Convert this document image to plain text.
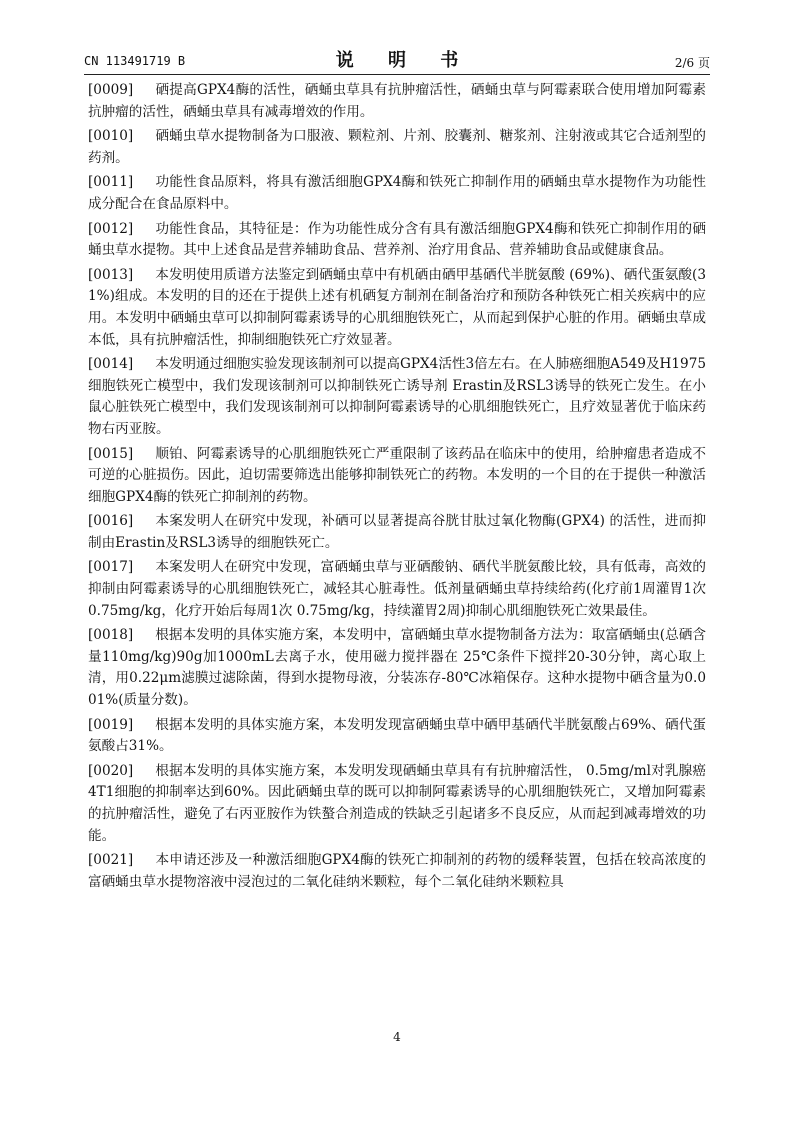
CN 113491719 B	说 明 书	2/6 页

[0009] 硒提高GPX4酶的活性，硒蛹虫草具有抗肿瘤活性，硒蛹虫草与阿霉素联合使用增加阿霉素抗肿瘤的活性，硒蛹虫草具有减毒增效的作用。

[0010] 硒蛹虫草水提物制备为口服液、颗粒剂、片剂、胶囊剂、糖浆剂、注射液或其它合适剂型的药剂。

[0011] 功能性食品原料，将具有激活细胞GPX4酶和铁死亡抑制作用的硒蛹虫草水提物作为功能性成分配合在食品原料中。

[0012] 功能性食品，其特征是：作为功能性成分含有具有激活细胞GPX4酶和铁死亡抑制作用的硒蛹虫草水提物。其中上述食品是营养辅助食品、营养剂、治疗用食品、营养辅助食品或健康食品。

[0013] 本发明使用质谱方法鉴定到硒蛹虫草中有机硒由硒甲基硒代半胱氨酸 (69%)、硒代蛋氨酸(31%)组成。本发明的目的还在于提供上述有机硒复方制剂在制备治疗和预防各种铁死亡相关疾病中的应用。本发明中硒蛹虫草可以抑制阿霉素诱导的心肌细胞铁死亡，从而起到保护心脏的作用。硒蛹虫草成本低，具有抗肿瘤活性，抑制细胞铁死亡疗效显著。

[0014] 本发明通过细胞实验发现该制剂可以提高GPX4活性3倍左右。在人肺癌细胞A549及H1975细胞铁死亡模型中，我们发现该制剂可以抑制铁死亡诱导剂 Erastin及RSL3诱导的铁死亡发生。在小鼠心脏铁死亡模型中，我们发现该制剂可以抑制阿霉素诱导的心肌细胞铁死亡，且疗效显著优于临床药物右丙亚胺。

[0015] 顺铂、阿霉素诱导的心肌细胞铁死亡严重限制了该药品在临床中的使用，给肿瘤患者造成不可逆的心脏损伤。因此，迫切需要筛选出能够抑制铁死亡的药物。本发明的一个目的在于提供一种激活细胞GPX4酶的铁死亡抑制剂的药物。

[0016] 本案发明人在研究中发现，补硒可以显著提高谷胱甘肽过氧化物酶(GPX4) 的活性，进而抑制由Erastin及RSL3诱导的细胞铁死亡。

[0017] 本案发明人在研究中发现，富硒蛹虫草与亚硒酸钠、硒代半胱氨酸比较，具有低毒，高效的抑制由阿霉素诱导的心肌细胞铁死亡，减轻其心脏毒性。低剂量硒蛹虫草持续给药(化疗前1周灌胃1次0.75mg/kg，化疗开始后每周1次 0.75mg/kg，持续灌胃2周)抑制心肌细胞铁死亡效果最佳。

[0018] 根据本发明的具体实施方案，本发明中，富硒蛹虫草水提物制备方法为：取富硒蛹虫(总硒含量110mg/kg)90g加1000mL去离子水，使用磁力搅拌器在 25℃条件下搅拌20-30分钟，离心取上清，用0.22μm滤膜过滤除菌，得到水提物母液，分装冻存-80℃冰箱保存。这种水提物中硒含量为0.001%(质量分数)。

[0019] 根据本发明的具体实施方案，本发明发现富硒蛹虫草中硒甲基硒代半胱氨酸占69%、硒代蛋氨酸占31%。

[0020] 根据本发明的具体实施方案，本发明发现硒蛹虫草具有有抗肿瘤活性， 0.5mg/ml对乳腺癌4T1细胞的抑制率达到60%。因此硒蛹虫草的既可以抑制阿霉素诱导的心肌细胞铁死亡，又增加阿霉素的抗肿瘤活性，避免了右丙亚胺作为铁螯合剂造成的铁缺乏引起诸多不良反应，从而起到减毒增效的功能。

[0021] 本申请还涉及一种激活细胞GPX4酶的铁死亡抑制剂的药物的缓释装置，包括在较高浓度的富硒蛹虫草水提物溶液中浸泡过的二氧化硅纳米颗粒，每个二氧化硅纳米颗粒具

4
